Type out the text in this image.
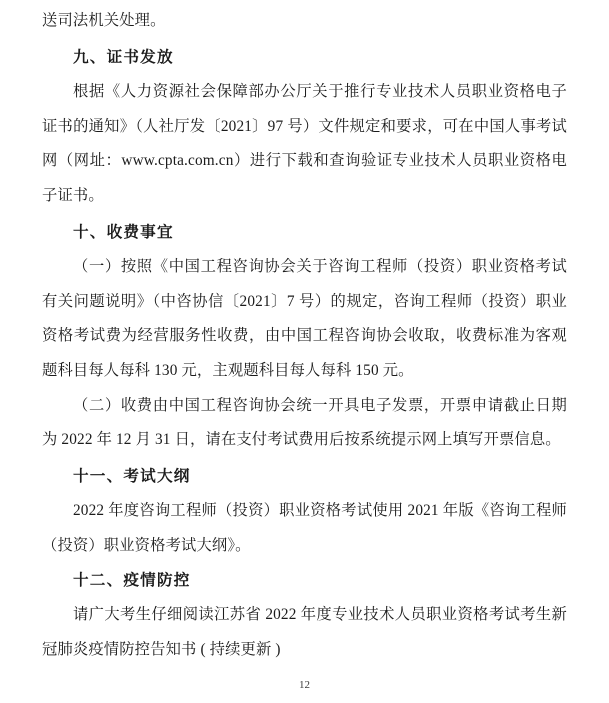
送司法机关处理。

九、证书发放

根据《人力资源社会保障部办公厅关于推行专业技术人员职业资格电子证书的通知》（人社厅发〔2021〕97 号）文件规定和要求，可在中国人事考试网（网址：www.cpta.com.cn）进行下载和查询验证专业技术人员职业资格电子证书。

十、收费事宜

（一）按照《中国工程咨询协会关于咨询工程师（投资）职业资格考试有关问题说明》（中咨协信〔2021〕7 号）的规定，咨询工程师（投资）职业资格考试费为经营服务性收费，由中国工程咨询协会收取，收费标准为客观题科目每人每科 130 元，主观题科目每人每科 150 元。

（二）收费由中国工程咨询协会统一开具电子发票，开票申请截止日期为 2022 年 12 月 31 日，请在支付考试费用后按系统提示网上填写开票信息。

十一、考试大纲

2022 年度咨询工程师（投资）职业资格考试使用 2021 年版《咨询工程师（投资）职业资格考试大纲》。

十二、疫情防控

请广大考生仔细阅读江苏省 2022 年度专业技术人员职业资格考试考生新冠肺炎疫情防控告知书 ( 持续更新 )

12
